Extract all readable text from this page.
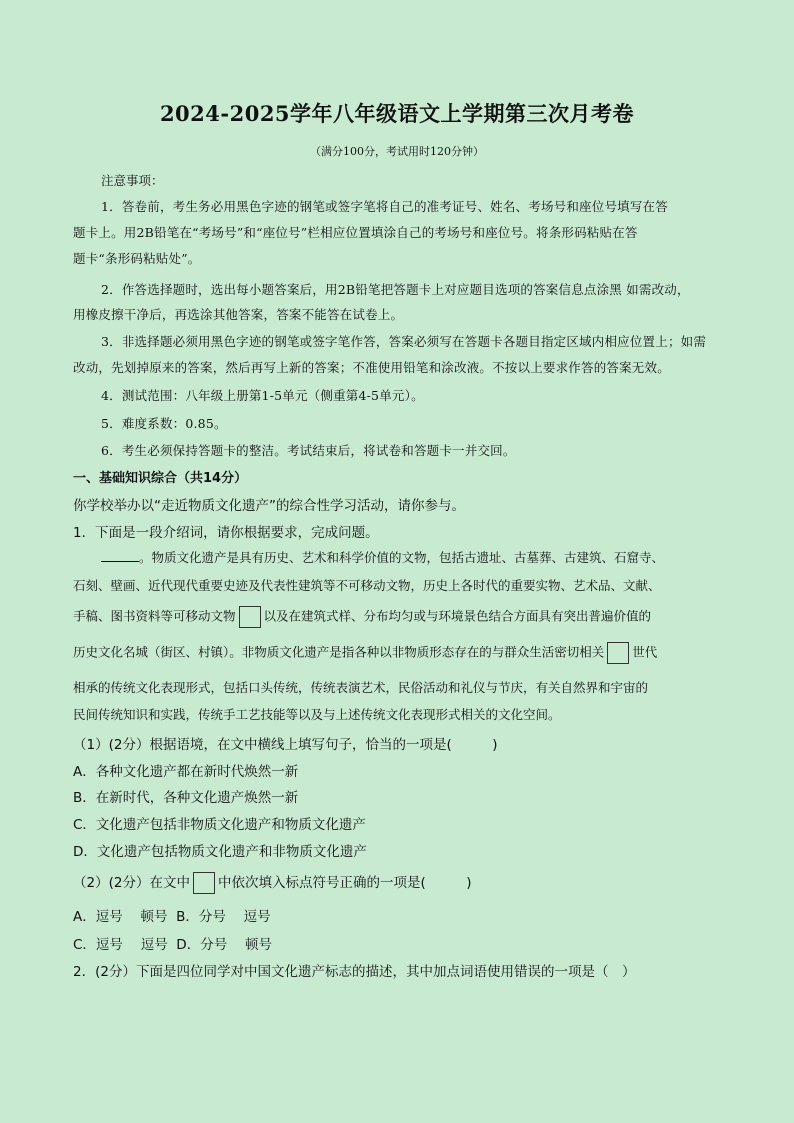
2024-2025学年八年级语文上学期第三次月考卷
（满分100分，考试用时120分钟）
注意事项：
1．答卷前，考生务必用黑色字迹的钢笔或签字笔将自己的准考证号、姓名、考场号和座位号填写在答
题卡上。用2B铅笔在“考场号”和“座位号”栏相应位置填涂自己的考场号和座位号。将条形码粘贴在答
题卡“条形码粘贴处”。
2．作答选择题时，选出每小题答案后，用2B铅笔把答题卡上对应题目选项的答案信息点涂黑 如需改动，
用橡皮擦干净后，再选涂其他答案，答案不能答在试卷上。
3．非选择题必须用黑色字迹的钢笔或签字笔作答，答案必须写在答题卡各题目指定区域内相应位置上；如需
改动，先划掉原来的答案，然后再写上新的答案；不准使用铅笔和涂改液。不按以上要求作答的答案无效。
4．测试范围：八年级上册第1-5单元（侧重第4-5单元）。
5．难度系数：0.85。
6．考生必须保持答题卡的整洁。考试结束后，将试卷和答题卡一并交回。
一、基础知识综合（共14分）
你学校举办以“走近物质文化遗产”的综合性学习活动，请你参与。
1．下面是一段介绍词，请你根据要求，完成问题。
。物质文化遗产是具有历史、艺术和科学价值的文物，包括古遗址、古墓葬、古建筑、石窟寺、
石刻、壁画、近代现代重要史迹及代表性建筑等不可移动文物，历史上各时代的重要实物、艺术品、文献、
手稿、图书资料等可移动文物 以及在建筑式样、分布均匀或与环境景色结合方面具有突出普遍价值的
历史文化名城（街区、村镇）。非物质文化遗产是指各种以非物质形态存在的与群众生活密切相关 世代
相承的传统文化表现形式，包括口头传统，传统表演艺术，民俗活动和礼仪与节庆，有关自然界和宇宙的
民间传统知识和实践，传统手工艺技能等以及与上述传统文化表现形式相关的文化空间。
（1）(2分）根据语境，在文中横线上填写句子，恰当的一项是(　　　)
A．各种文化遗产都在新时代焕然一新
B．在新时代，各种文化遗产焕然一新
C．文化遗产包括非物质文化遗产和物质文化遗产
D．文化遗产包括物质文化遗产和非物质文化遗产
（2）(2分）在文中 中依次填入标点符号正确的一项是(　　　)
A．逗号　 顿号  B．分号　 逗号
C．逗号　 逗号  D．分号　 顿号
2．(2分）下面是四位同学对中国文化遗产标志的描述，其中加点词语使用错误的一项是（　）
